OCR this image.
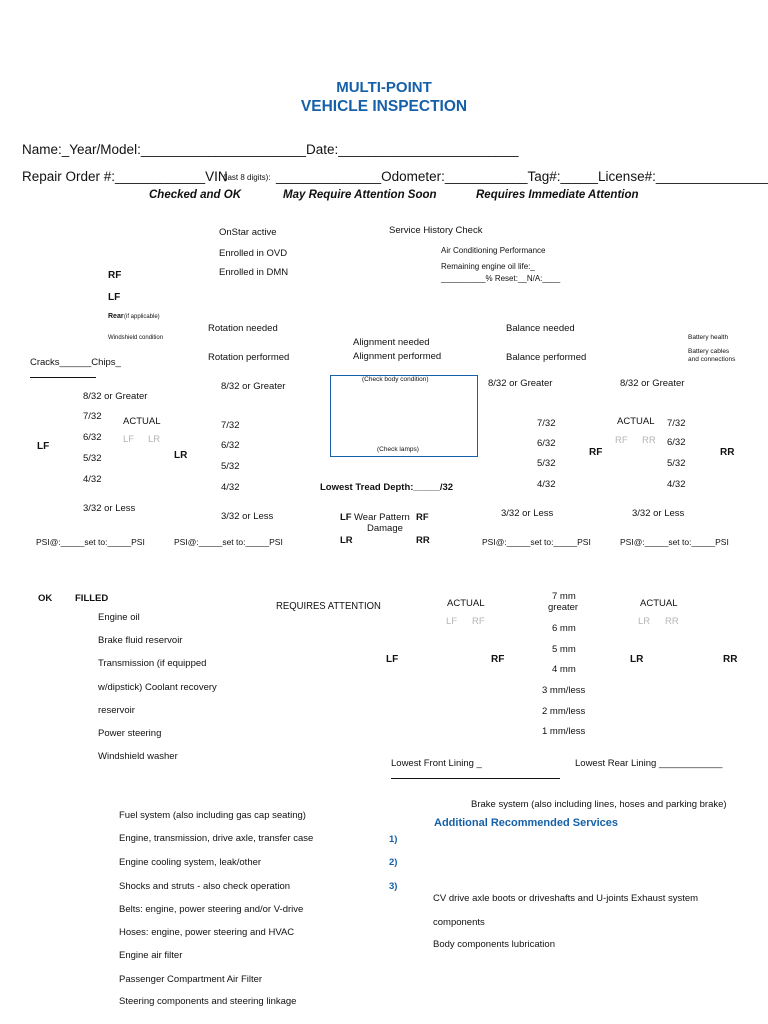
MULTI-POINT
VEHICLE INSPECTION
Name:_Year/Model:______________________Date:________________________
Repair Order #:____________VIN
(last 8 digits): ______________Odometer:___________Tag#:_____License#:_______________
Checked and OK	May Require Attention Soon	Requires Immediate Attention
OnStar active
Enrolled in OVD
Enrolled in DMN
Service History Check
Air Conditioning Performance
Remaining engine oil life:_
__________% Reset:__N/A:____
RF
LF
Rear (if applicable)
Windshield condition
Cracks______Chips_
Battery health
Battery cables
and connections
Rotation needed
Rotation performed
Alignment needed
Alignment performed
Balance needed
Balance performed
(Check body condition)
(Check lamps)
8/32 or Greater
7/32 ACTUAL
6/32 LF LR
LF
LR
5/32
4/32
3/32 or Less
8/32 or Greater
7/32
6/32
5/32
4/32
3/32 or Less
8/32 or Greater
7/32
6/32
RF
5/32
4/32
3/32 or Less
8/32 or Greater
ACTUAL 7/32
RF RR 6/32
RR
5/32
4/32
3/32 or Less
Lowest Tread Depth:_____/32
LF Wear Pattern RF
Damage
LR	RR
PSI@:_____set to:_____PSI	PSI@:_____set to:_____PSI	PSI@:_____set to:_____PSI	PSI@:_____set to:_____PSI
OK FILLED
REQUIRES ATTENTION
Engine oil
Brake fluid reservoir
Transmission (if equipped
w/dipstick) Coolant recovery
reservoir
Power steering
Windshield washer
ACTUAL
LF RF
ACTUAL
LR RR
7 mm
greater
6 mm
5 mm
4 mm
3 mm/less
2 mm/less
1 mm/less
LF	RF	LR	RR
Lowest Front Lining _	Lowest Rear Lining ____________
Fuel system (also including gas cap seating)
Engine, transmission, drive axle, transfer case
Engine cooling system, leak/other
Shocks and struts - also check operation
Belts: engine, power steering and/or V-drive
Hoses: engine, power steering and HVAC
Engine air filter
Passenger Compartment Air Filter
Steering components and steering linkage
Brake system (also including lines, hoses and parking brake)
Additional Recommended Services
1)
2)
3)
CV drive axle boots or driveshafts and U-joints Exhaust system
components
Body components lubrication
